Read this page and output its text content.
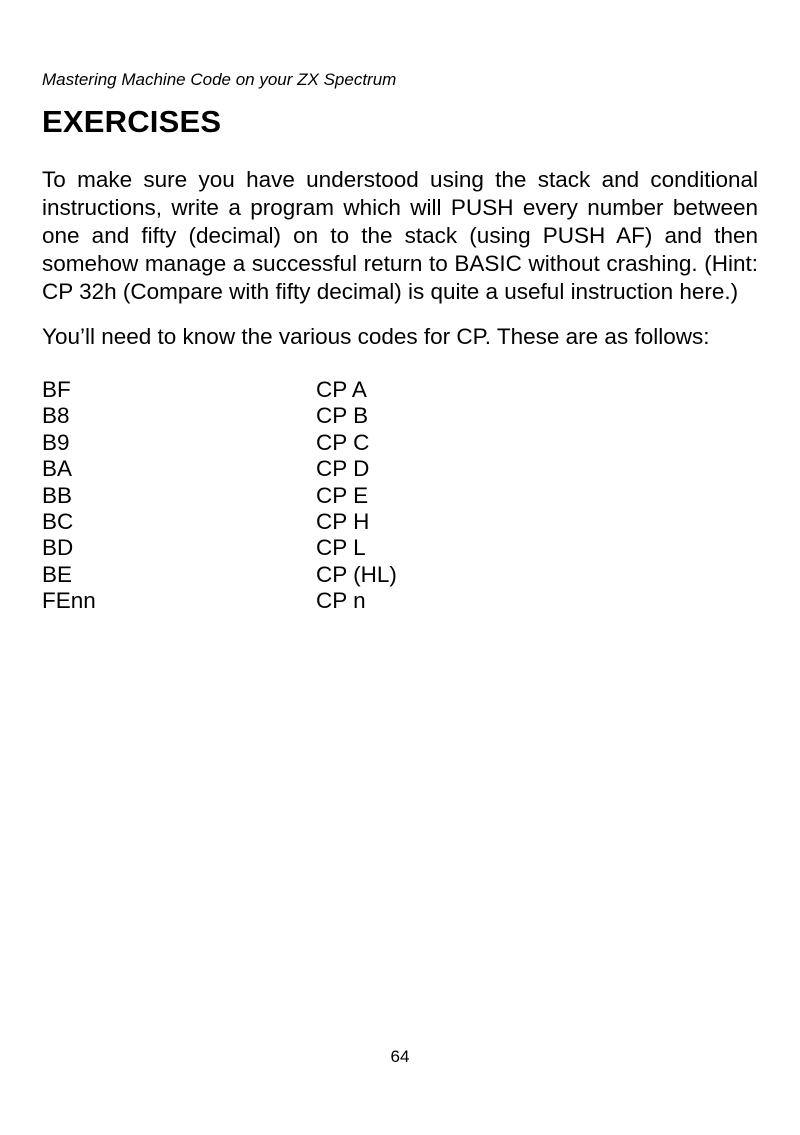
Mastering Machine Code on your ZX Spectrum
EXERCISES

To make sure you have understood using the stack and conditional instructions, write a program which will PUSH every number between one and fifty (decimal) on to the stack (using PUSH AF) and then somehow manage a successful return to BASIC without crashing. (Hint: CP 32h (Compare with fifty decimal) is quite a useful instruction here.)

You’ll need to know the various codes for CP. These are as follows:

BF	CP A
B8	CP B
B9	CP C
BA	CP D
BB	CP E
BC	CP H
BD	CP L
BE	CP (HL)
FEnn	CP n
64
